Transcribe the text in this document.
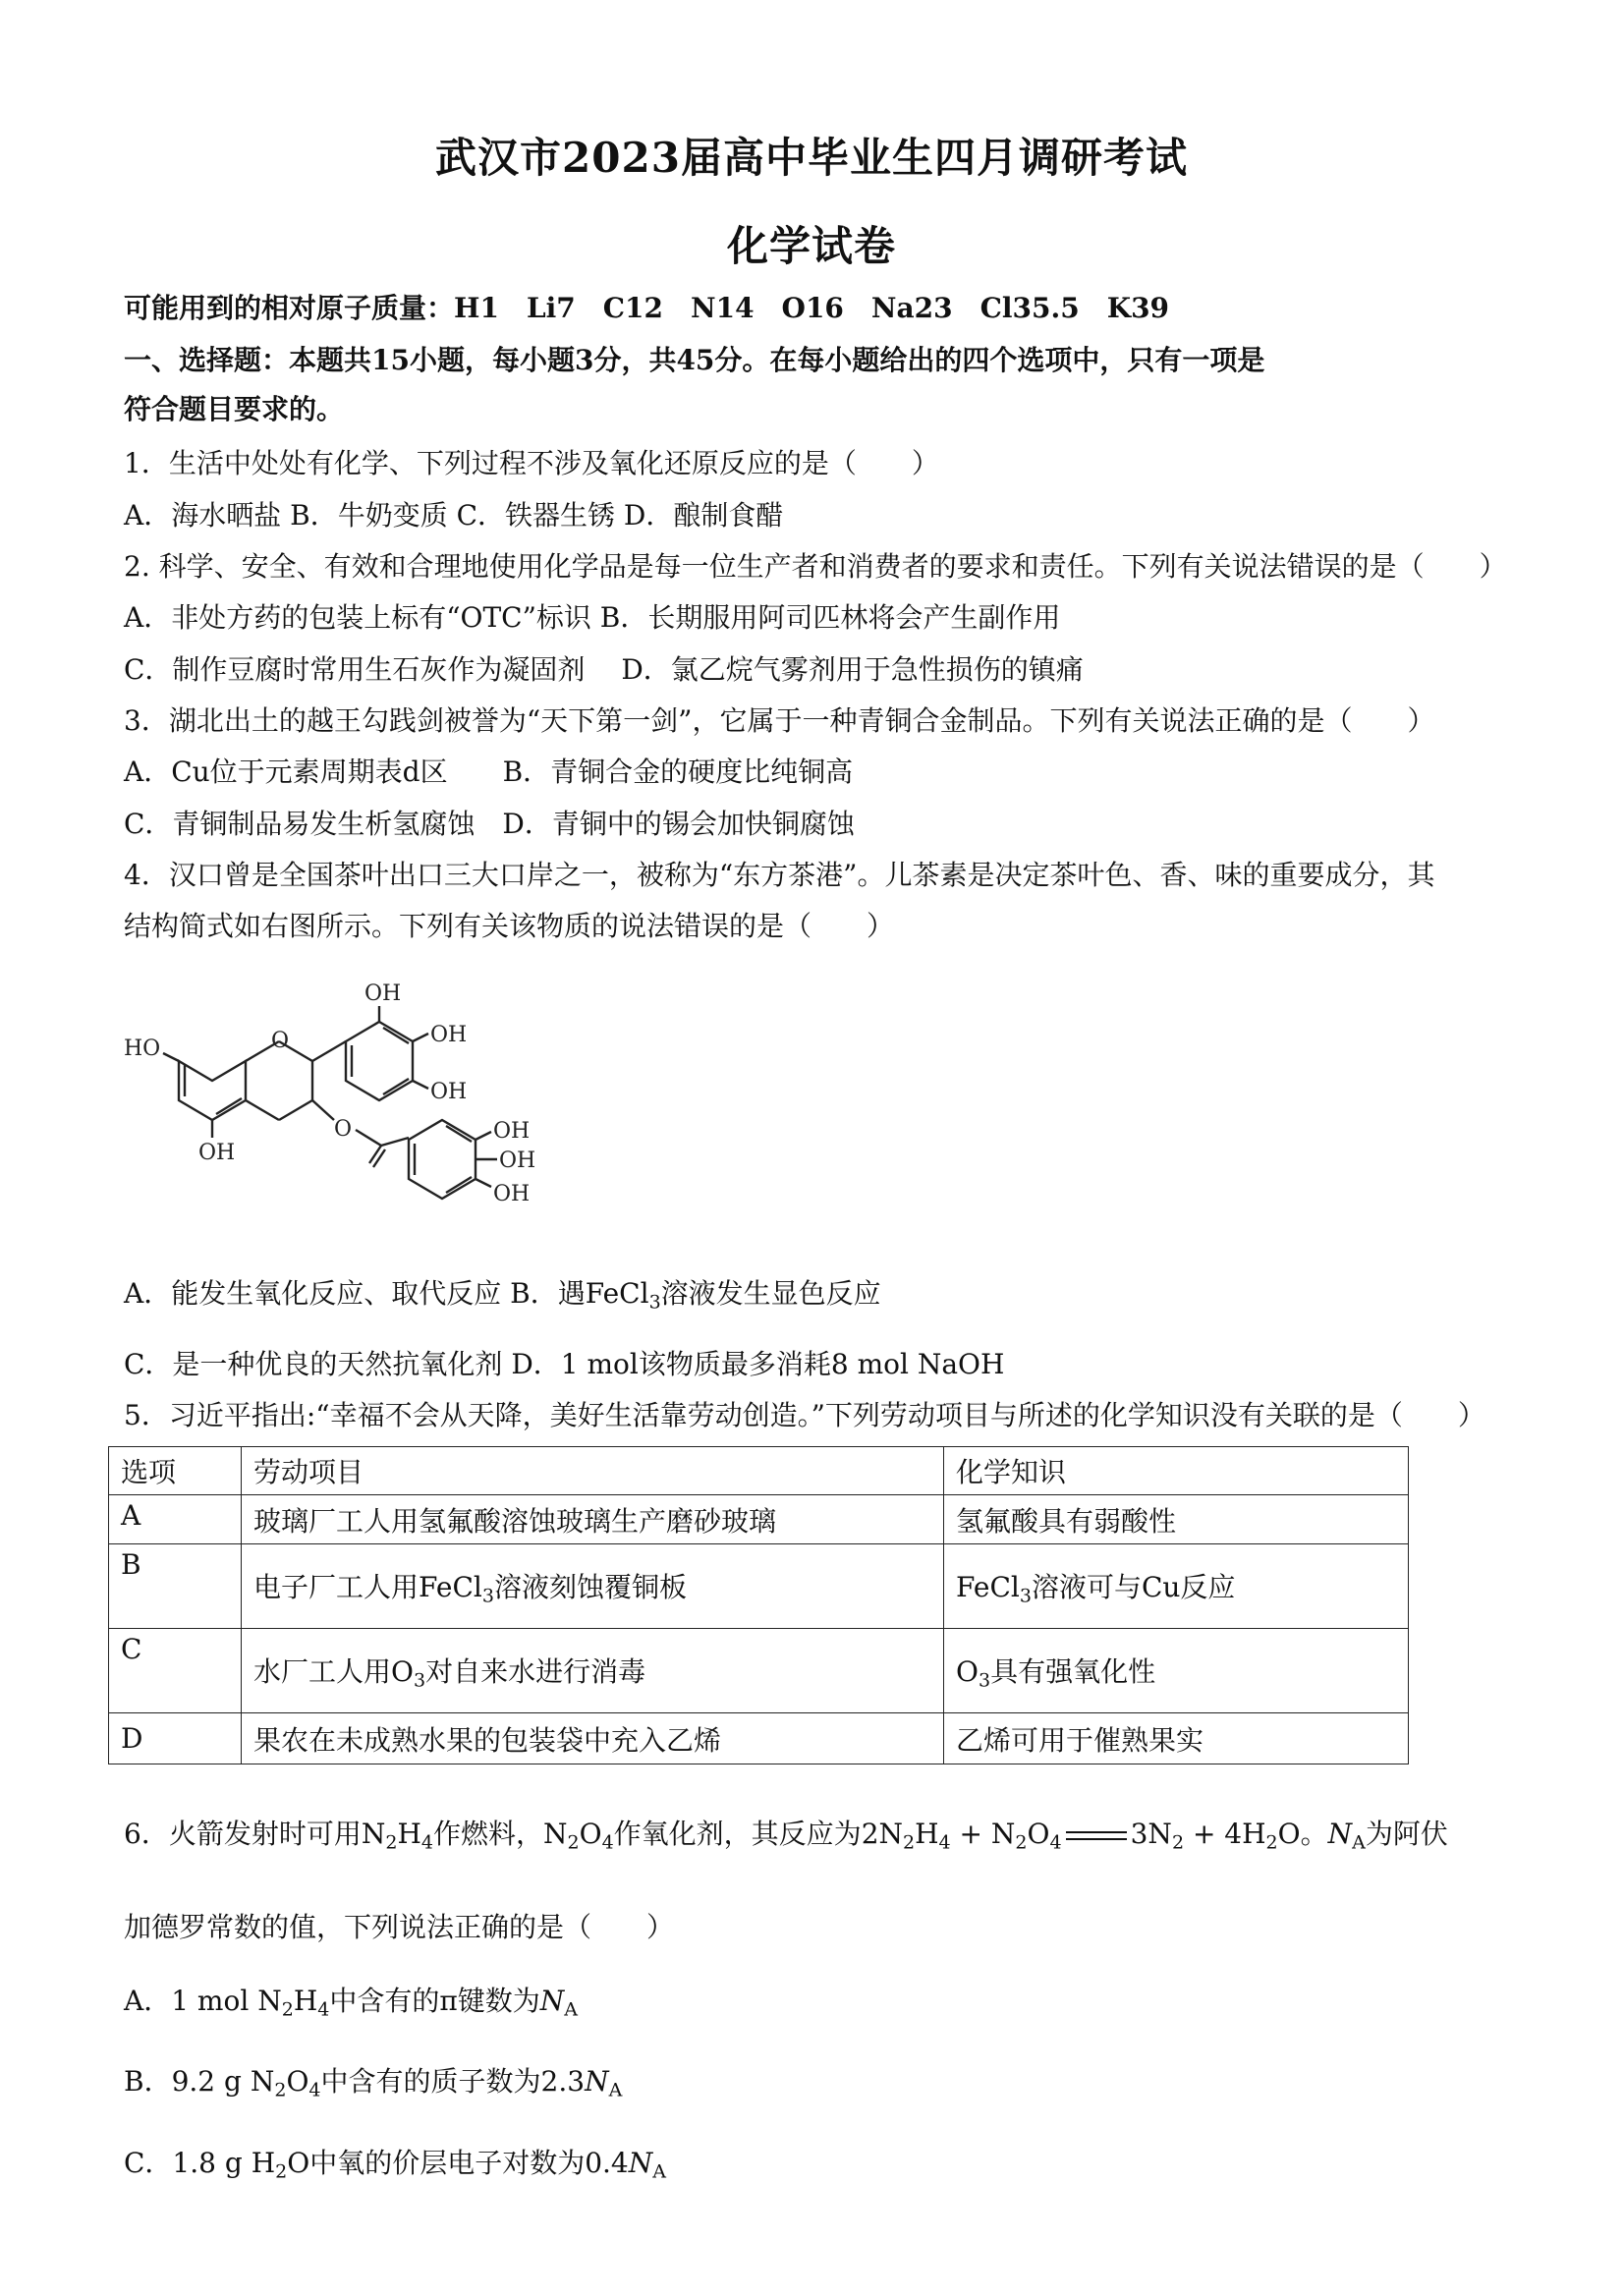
武汉市2023届高中毕业生四月调研考试
化学试卷
可能用到的相对原子质量：H1　Li7　C12　N14　O16　Na23　Cl35.5　K39
一、选择题：本题共15小题，每小题3分，共45分。在每小题给出的四个选项中，只有一项是
符合题目要求的。
1．生活中处处有化学、下列过程不涉及氧化还原反应的是（　　）
A．海水晒盐 B．牛奶变质 C．铁器生锈 D．酿制食醋
2. 科学、安全、有效和合理地使用化学品是每一位生产者和消费者的要求和责任。下列有关说法错误的是（　　）
A．非处方药的包装上标有“OTC”标识 B．长期服用阿司匹林将会产生副作用
C．制作豆腐时常用生石灰作为凝固剂　 D．氯乙烷气雾剂用于急性损伤的镇痛
3．湖北出土的越王勾践剑被誉为“天下第一剑”，它属于一种青铜合金制品。下列有关说法正确的是（　　）
A．Cu位于元素周期表d区　　B．青铜合金的硬度比纯铜高
C．青铜制品易发生析氢腐蚀　D．青铜中的锡会加快铜腐蚀
4．汉口曾是全国茶叶出口三大口岸之一，被称为“东方茶港”。儿茶素是决定茶叶色、香、味的重要成分，其
结构简式如右图所示。下列有关该物质的说法错误的是（　　）
OH
OH
OH
HO	O
OH
O	OH
OH
OH
A．能发生氧化反应、取代反应 B．遇FeCl$_3$溶液发生显色反应
C．是一种优良的天然抗氧化剂 D．1 mol该物质最多消耗8 mol NaOH
5．习近平指出:“幸福不会从天降，美好生活靠劳动创造。”下列劳动项目与所述的化学知识没有关联的是（　　）
选项	劳动项目	化学知识
A	玻璃厂工人用氢氟酸溶蚀玻璃生产磨砂玻璃	氢氟酸具有弱酸性
B	电子厂工人用FeCl$_3$溶液刻蚀覆铜板	FeCl$_3$溶液可与Cu反应
C	水厂工人用$O_3$对自来水进行消毒	$O_3$具有强氧化性
D	果农在未成熟水果的包装袋中充入乙烯	乙烯可用于催熟果实
6．火箭发射时可用$N_2H_4$作燃料，$N_2O_4$作氧化剂，其反应为$2N_2H_4 + N_2O_4$	$3N_2 + 4H_2O$。$N_A$为阿伏
加德罗常数的值，下列说法正确的是（　　）
A．1 mol $N_2H_4$中含有的π键数为$N_A$
B．9.2 g $N_2O_4$中含有的质子数为$2.3N_A$
C．1.8 g $H_2O$中氧的价层电子对数为$0.4N_A$
